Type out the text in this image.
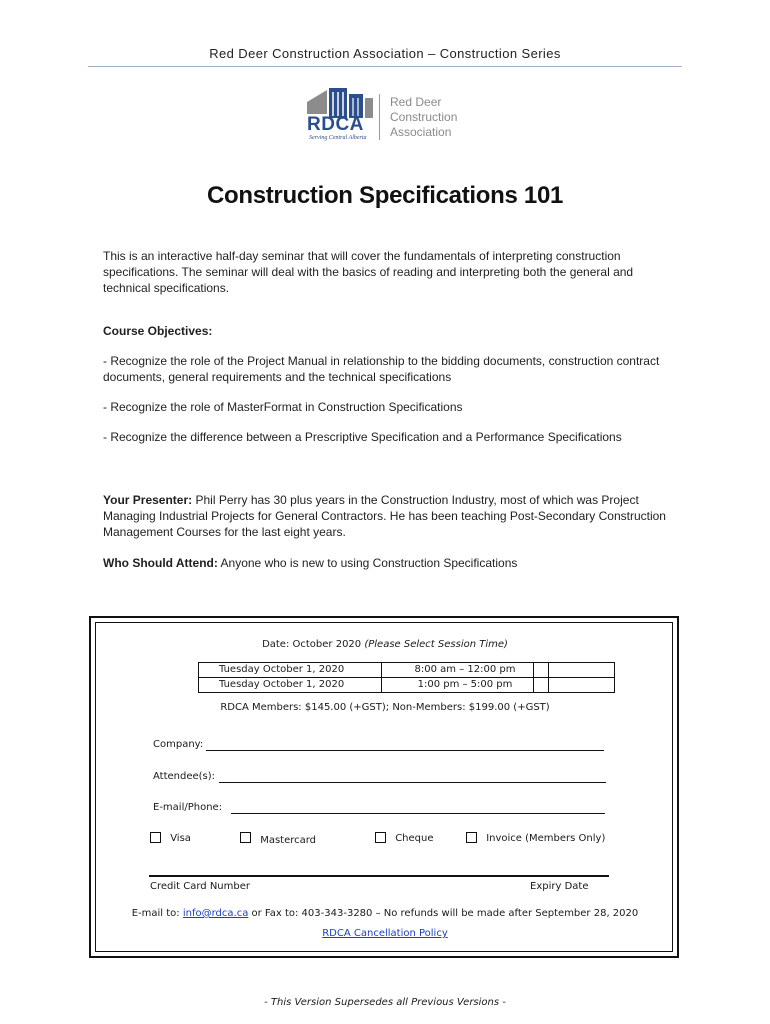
Red Deer Construction Association – Construction Series
RDCA
Serving Central Alberta
Red Deer
Construction
Association
Construction Specifications 101
This is an interactive half-day seminar that will cover the fundamentals of interpreting construction specifications. The seminar will deal with the basics of reading and interpreting both the general and technical specifications.
Course Objectives:
- Recognize the role of the Project Manual in relationship to the bidding documents, construction contract documents, general requirements and the technical specifications
- Recognize the role of MasterFormat in Construction Specifications
- Recognize the difference between a Prescriptive Specification and a Performance Specifications
Your Presenter: Phil Perry has 30 plus years in the Construction Industry, most of which was Project Managing Industrial Projects for General Contractors. He has been teaching Post-Secondary Construction Management Courses for the last eight years.
Who Should Attend: Anyone who is new to using Construction Specifications
Date: October 2020 (Please Select Session Time)
Tuesday October 1, 2020	8:00 am – 12:00 pm
Tuesday October 1, 2020	1:00 pm – 5:00 pm
RDCA Members: $145.00 (+GST); Non-Members: $199.00 (+GST)
Company:
Attendee(s):
E-mail/Phone:
Visa	Mastercard	Cheque	Invoice (Members Only)
Credit Card Number	Expiry Date
E-mail to: info@rdca.ca or Fax to: 403-343-3280 – No refunds will be made after September 28, 2020
RDCA Cancellation Policy
- This Version Supersedes all Previous Versions -
